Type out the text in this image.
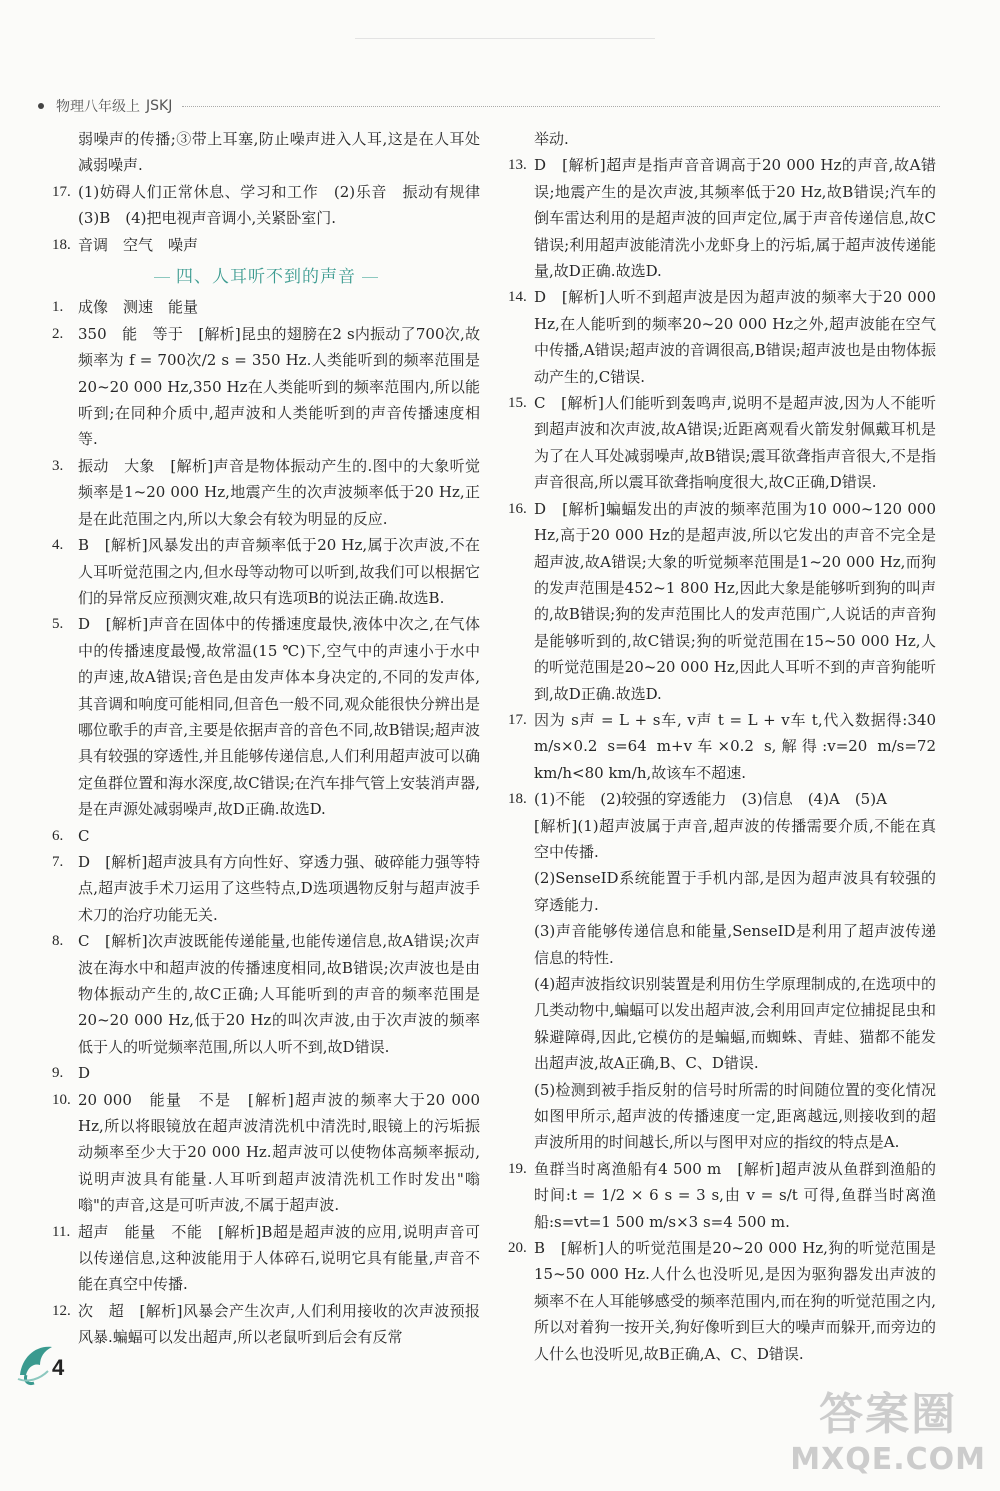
物理八年级上 JSKJ
弱噪声的传播;③带上耳塞,防止噪声进入人耳,这是在人耳处减弱噪声.
17. (1)妨碍人们正常休息、学习和工作　(2)乐音　振动有规律　(3)B　(4)把电视声音调小,关紧卧室门.
18. 音调　空气　噪声
四、人耳听不到的声音
1. 成像　测速　能量
2. 350　能　等于　[解析]昆虫的翅膀在2 s内振动了700次,故频率为 f = 700次/2 s = 350 Hz.人类能听到的频率范围是20~20 000 Hz,350 Hz在人类能听到的频率范围内,所以能听到;在同种介质中,超声波和人类能听到的声音传播速度相等.
3. 振动　大象　[解析]声音是物体振动产生的.图中的大象听觉频率是1~20 000 Hz,地震产生的次声波频率低于20 Hz,正是在此范围之内,所以大象会有较为明显的反应.
4. B　[解析]风暴发出的声音频率低于20 Hz,属于次声波,不在人耳听觉范围之内,但水母等动物可以听到,故我们可以根据它们的异常反应预测灾难,故只有选项B的说法正确.故选B.
5. D　[解析]声音在固体中的传播速度最快,液体中次之,在气体中的传播速度最慢,故常温(15 ℃)下,空气中的声速小于水中的声速,故A错误;音色是由发声体本身决定的,不同的发声体,其音调和响度可能相同,但音色一般不同,观众能很快分辨出是哪位歌手的声音,主要是依据声音的音色不同,故B错误;超声波具有较强的穿透性,并且能够传递信息,人们利用超声波可以确定鱼群位置和海水深度,故C错误;在汽车排气管上安装消声器,是在声源处减弱噪声,故D正确.故选D.
6. C
7. D　[解析]超声波具有方向性好、穿透力强、破碎能力强等特点,超声波手术刀运用了这些特点,D选项遇物反射与超声波手术刀的治疗功能无关.
8. C　[解析]次声波既能传递能量,也能传递信息,故A错误;次声波在海水中和超声波的传播速度相同,故B错误;次声波也是由物体振动产生的,故C正确;人耳能听到的声音的频率范围是20~20 000 Hz,低于20 Hz的叫次声波,由于次声波的频率低于人的听觉频率范围,所以人听不到,故D错误.
9. D
10. 20 000　能量　不是　[解析]超声波的频率大于20 000 Hz,所以将眼镜放在超声波清洗机中清洗时,眼镜上的污垢振动频率至少大于20 000 Hz.超声波可以使物体高频率振动,说明声波具有能量.人耳听到超声波清洗机工作时发出"嗡嗡"的声音,这是可听声波,不属于超声波.
11. 超声　能量　不能　[解析]B超是超声波的应用,说明声音可以传递信息,这种波能用于人体碎石,说明它具有能量,声音不能在真空中传播.
12. 次　超　[解析]风暴会产生次声,人们利用接收的次声波预报风暴.蝙蝠可以发出超声,所以老鼠听到后会有反常
举动.
13. D　[解析]超声是指声音音调高于20 000 Hz的声音,故A错误;地震产生的是次声波,其频率低于20 Hz,故B错误;汽车的倒车雷达利用的是超声波的回声定位,属于声音传递信息,故C错误;利用超声波能清洗小龙虾身上的污垢,属于超声波传递能量,故D正确.故选D.
14. D　[解析]人听不到超声波是因为超声波的频率大于20 000 Hz,在人能听到的频率20~20 000 Hz之外,超声波能在空气中传播,A错误;超声波的音调很高,B错误;超声波也是由物体振动产生的,C错误.
15. C　[解析]人们能听到轰鸣声,说明不是超声波,因为人不能听到超声波和次声波,故A错误;近距离观看火箭发射佩戴耳机是为了在人耳处减弱噪声,故B错误;震耳欲聋指声音很大,不是指声音很高,所以震耳欲聋指响度很大,故C正确,D错误.
16. D　[解析]蝙蝠发出的声波的频率范围为10 000~120 000 Hz,高于20 000 Hz的是超声波,所以它发出的声音不完全是超声波,故A错误;大象的听觉频率范围是1~20 000 Hz,而狗的发声范围是452~1 800 Hz,因此大象是能够听到狗的叫声的,故B错误;狗的发声范围比人的发声范围广,人说话的声音狗是能够听到的,故C错误;狗的听觉范围在15~50 000 Hz,人的听觉范围是20~20 000 Hz,因此人耳听不到的声音狗能听到,故D正确.故选D.
17. 因为 s声 = L + s车, v声 t = L + v车 t,代入数据得:340 m/s×0.2 s=64 m+v车×0.2 s,解得:v=20 m/s=72 km/h<80 km/h,故该车不超速.
18. (1)不能　(2)较强的穿透能力　(3)信息　(4)A　(5)A
[解析](1)超声波属于声音,超声波的传播需要介质,不能在真空中传播.
(2)SenseID系统能置于手机内部,是因为超声波具有较强的穿透能力.
(3)声音能够传递信息和能量,SenseID是利用了超声波传递信息的特性.
(4)超声波指纹识别装置是利用仿生学原理制成的,在选项中的几类动物中,蝙蝠可以发出超声波,会利用回声定位捕捉昆虫和躲避障碍,因此,它模仿的是蝙蝠,而蜘蛛、青蛙、猫都不能发出超声波,故A正确,B、C、D错误.
(5)检测到被手指反射的信号时所需的时间随位置的变化情况如图甲所示,超声波的传播速度一定,距离越远,则接收到的超声波所用的时间越长,所以与图甲对应的指纹的特点是A.
19. 鱼群当时离渔船有4 500 m　[解析]超声波从鱼群到渔船的时间:t = 1/2 × 6 s = 3 s,由 v = s/t 可得,鱼群当时离渔船:s=vt=1 500 m/s×3 s=4 500 m.
20. B　[解析]人的听觉范围是20~20 000 Hz,狗的听觉范围是15~50 000 Hz.人什么也没听见,是因为驱狗器发出声波的频率不在人耳能够感受的频率范围内,而在狗的听觉范围之内,所以对着狗一按开关,狗好像听到巨大的噪声而躲开,而旁边的人什么也没听见,故B正确,A、C、D错误.
4
答案圈
MXQE.COM
